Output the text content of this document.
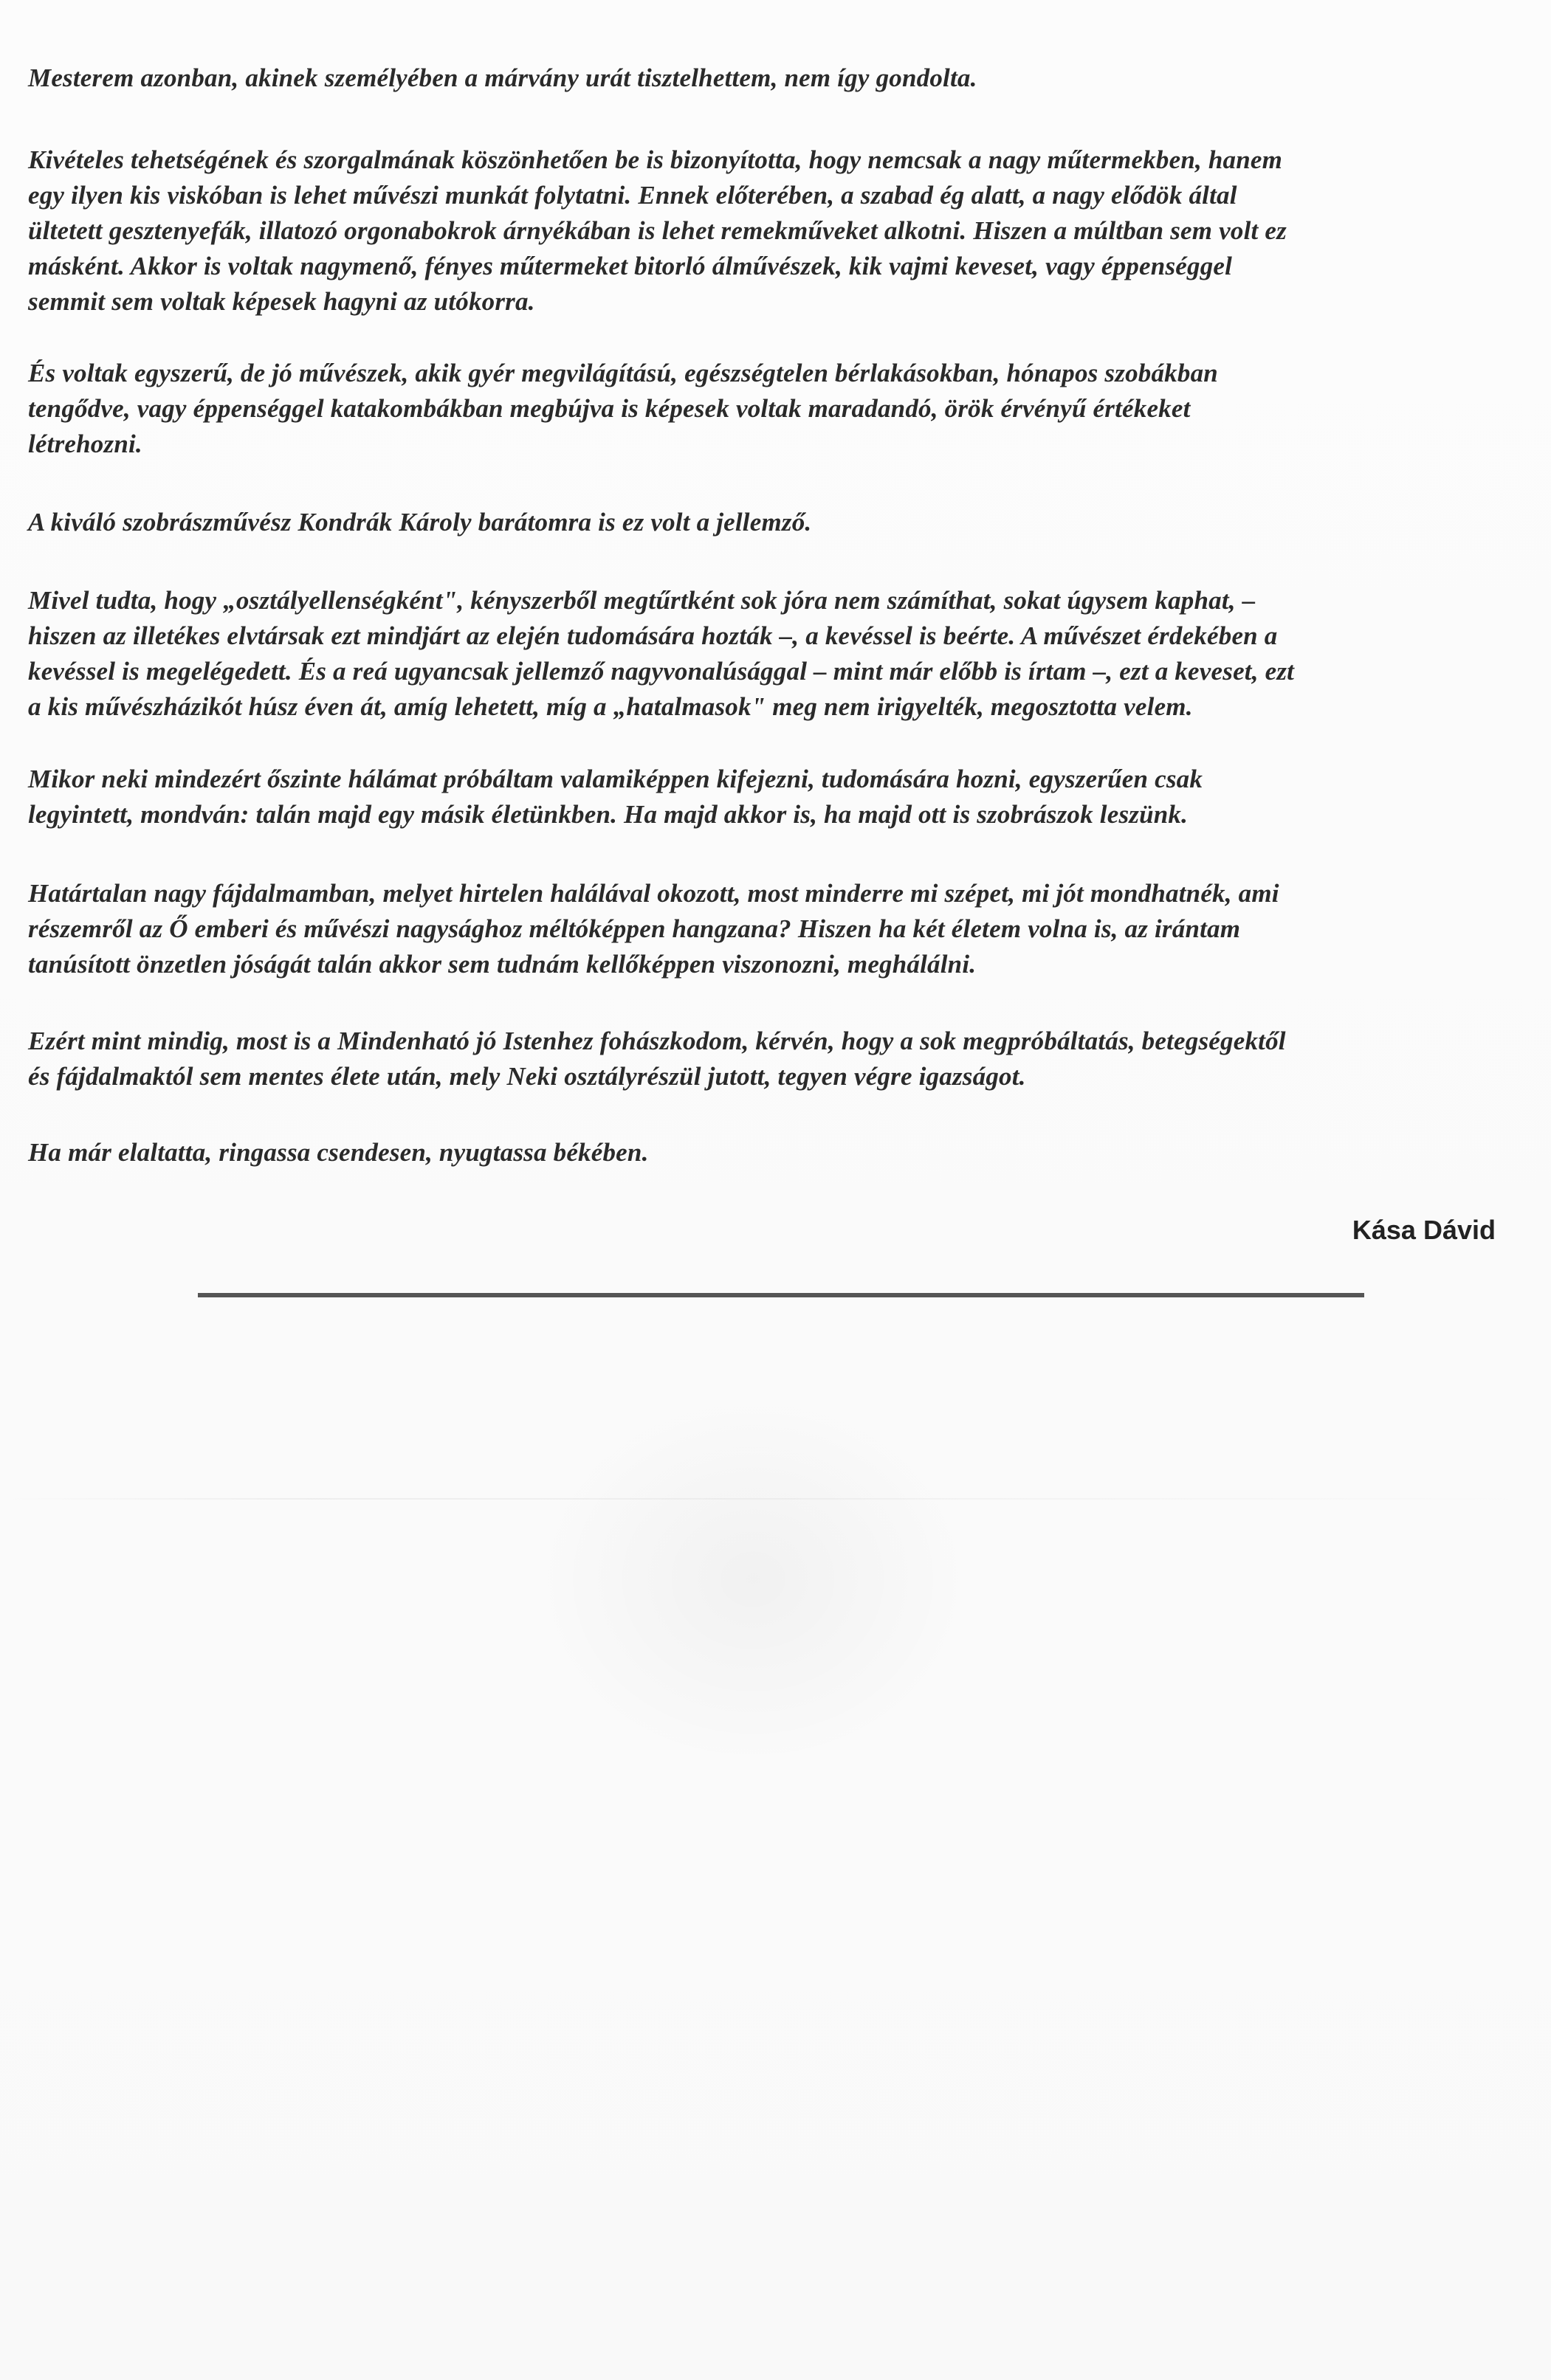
Mesterem azonban, akinek személyében a márvány urát tisztelhettem, nem így gondolta.

Kivételes tehetségének és szorgalmának köszönhetően be is bizonyította, hogy nemcsak a nagy műtermekben, hanem
egy ilyen kis viskóban is lehet művészi munkát folytatni. Ennek előterében, a szabad ég alatt, a nagy elődök által
ültetett gesztenyefák, illatozó orgonabokrok árnyékában is lehet remekműveket alkotni. Hiszen a múltban sem volt ez
másként. Akkor is voltak nagymenő, fényes műtermeket bitorló álművészek, kik vajmi keveset, vagy éppenséggel
semmit sem voltak képesek hagyni az utókorra.

És voltak egyszerű, de jó művészek, akik gyér megvilágítású, egészségtelen bérlakásokban, hónapos szobákban
tengődve, vagy éppenséggel katakombákban megbújva is képesek voltak maradandó, örök érvényű értékeket
létrehozni.

A kiváló szobrászművész Kondrák Károly barátomra is ez volt a jellemző.

Mivel tudta, hogy „osztályellenségként", kényszerből megtűrtként sok jóra nem számíthat, sokat úgysem kaphat, –
hiszen az illetékes elvtársak ezt mindjárt az elején tudomására hozták –, a kevéssel is beérte. A művészet érdekében a
kevéssel is megelégedett. És a reá ugyancsak jellemző nagyvonalúsággal – mint már előbb is írtam –, ezt a keveset, ezt
a kis művészházikót húsz éven át, amíg lehetett, míg a „hatalmasok" meg nem irigyelték, megosztotta velem.

Mikor neki mindezért őszinte hálámat próbáltam valamiképpen kifejezni, tudomására hozni, egyszerűen csak
legyintett, mondván: talán majd egy másik életünkben. Ha majd akkor is, ha majd ott is szobrászok leszünk.

Határtalan nagy fájdalmamban, melyet hirtelen halálával okozott, most minderre mi szépet, mi jót mondhatnék, ami
részemről az Ő emberi és művészi nagysághoz méltóképpen hangzana? Hiszen ha két életem volna is, az irántam
tanúsított önzetlen jóságát talán akkor sem tudnám kellőképpen viszonozni, meghálálni.

Ezért mint mindig, most is a Mindenható jó Istenhez fohászkodom, kérvén, hogy a sok megpróbáltatás, betegségektől
és fájdalmaktól sem mentes élete után, mely Neki osztályrészül jutott, tegyen végre igazságot.

Ha már elaltatta, ringassa csendesen, nyugtassa békében.

Kása Dávid
